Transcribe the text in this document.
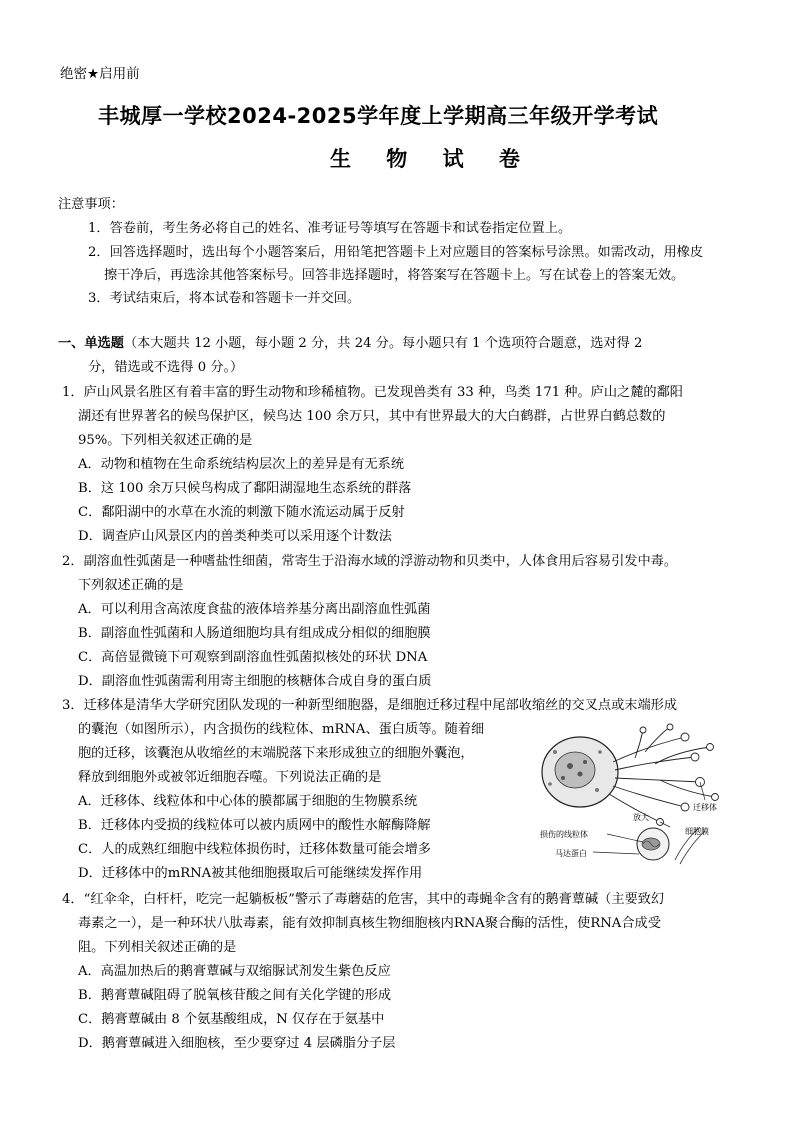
绝密★启用前
丰城厚一学校2024-2025学年度上学期高三年级开学考试
生 物 试 卷
注意事项：
1．答卷前，考生务必将自己的姓名、准考证号等填写在答题卡和试卷指定位置上。
2．回答选择题时，选出每个小题答案后，用铅笔把答题卡上对应题目的答案标号涂黑。如需改动，用橡皮
擦干净后，再选涂其他答案标号。回答非选择题时，将答案写在答题卡上。写在试卷上的答案无效。
3．考试结束后，将本试卷和答题卡一并交回。
一、单选题（本大题共 12 小题，每小题 2 分，共 24 分。每小题只有 1 个选项符合题意，选对得 2
分，错选或不选得 0 分。）
1．庐山风景名胜区有着丰富的野生动物和珍稀植物。已发现兽类有 33 种，鸟类 171 种。庐山之麓的鄱阳
湖还有世界著名的候鸟保护区，候鸟达 100 余万只，其中有世界最大的大白鹤群，占世界白鹤总数的
95%。下列相关叙述正确的是
A．动物和植物在生命系统结构层次上的差异是有无系统
B．这 100 余万只候鸟构成了鄱阳湖湿地生态系统的群落
C．鄱阳湖中的水草在水流的刺激下随水流运动属于反射
D．调查庐山风景区内的兽类种类可以采用逐个计数法
2．副溶血性弧菌是一种嗜盐性细菌，常寄生于沿海水域的浮游动物和贝类中，人体食用后容易引发中毒。
下列叙述正确的是
A．可以利用含高浓度食盐的液体培养基分离出副溶血性弧菌
B．副溶血性弧菌和人肠道细胞均具有组成成分相似的细胞膜
C．高倍显微镜下可观察到副溶血性弧菌拟核处的环状 DNA
D．副溶血性弧菌需利用寄主细胞的核糖体合成自身的蛋白质
3．迁移体是清华大学研究团队发现的一种新型细胞器，是细胞迁移过程中尾部收缩丝的交叉点或末端形成
的囊泡（如图所示），内含损伤的线粒体、mRNA、蛋白质等。随着细
胞的迁移，该囊泡从收缩丝的末端脱落下来形成独立的细胞外囊泡，
释放到细胞外或被邻近细胞吞噬。下列说法正确的是
A．迁移体、线粒体和中心体的膜都属于细胞的生物膜系统
B．迁移体内受损的线粒体可以被内质网中的酸性水解酶降解
C．人的成熟红细胞中线粒体损伤时，迁移体数量可能会增多
D．迁移体中的mRNA被其他细胞摄取后可能继续发挥作用
迁移体
放大
细胞膜
损伤的线粒体
马达蛋白
4．“红伞伞，白杆杆，吃完一起躺板板”警示了毒蘑菇的危害，其中的毒蝇伞含有的鹅膏蕈碱（主要致幻
毒素之一），是一种环状八肽毒素，能有效抑制真核生物细胞核内RNA聚合酶的活性，使RNA合成受
阻。下列相关叙述正确的是
A．高温加热后的鹅膏蕈碱与双缩脲试剂发生紫色反应
B．鹅膏蕈碱阻碍了脱氧核苷酸之间有关化学键的形成
C．鹅膏蕈碱由 8 个氨基酸组成，N 仅存在于氨基中
D．鹅膏蕈碱进入细胞核，至少要穿过 4 层磷脂分子层
